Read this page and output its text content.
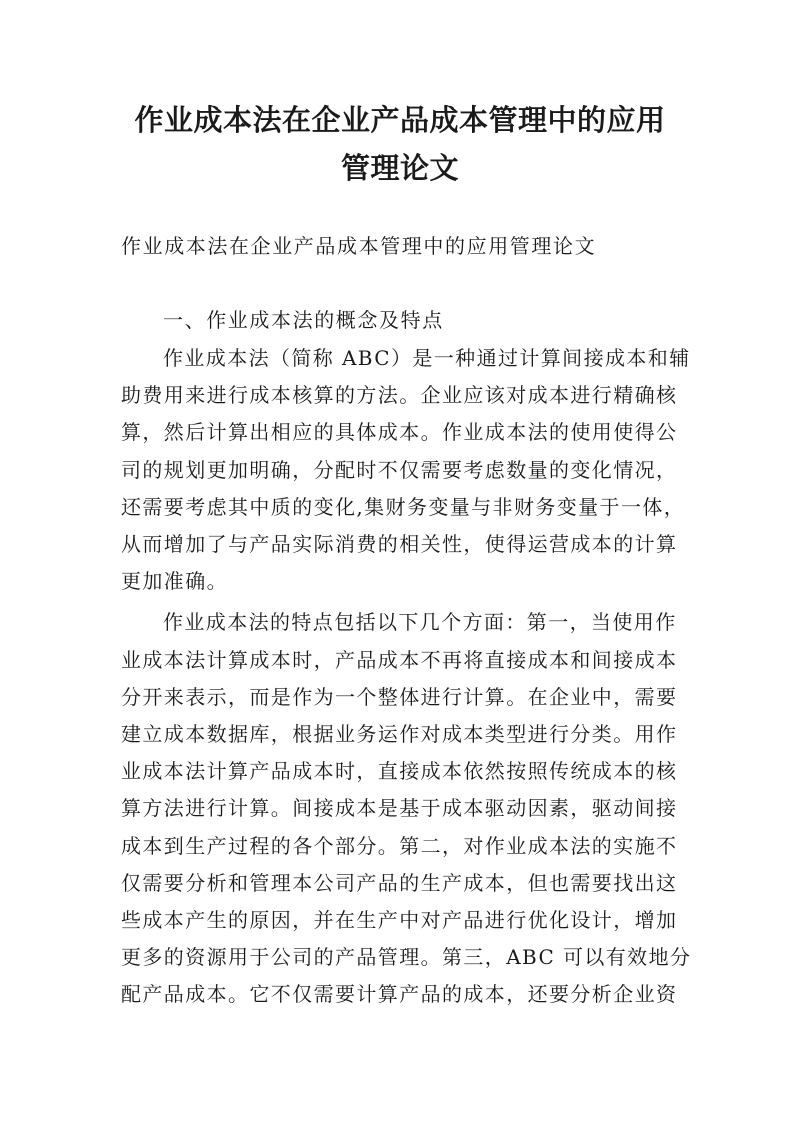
作业成本法在企业产品成本管理中的应用
管理论文

作业成本法在企业产品成本管理中的应用管理论文

一、作业成本法的概念及特点

作业成本法（简称 ABC）是一种通过计算间接成本和辅
助费用来进行成本核算的方法。企业应该对成本进行精确核
算，然后计算出相应的具体成本。作业成本法的使用使得公
司的规划更加明确，分配时不仅需要考虑数量的变化情况，
还需要考虑其中质的变化,集财务变量与非财务变量于一体，
从而增加了与产品实际消费的相关性，使得运营成本的计算
更加准确。

作业成本法的特点包括以下几个方面：第一，当使用作
业成本法计算成本时，产品成本不再将直接成本和间接成本
分开来表示，而是作为一个整体进行计算。在企业中，需要
建立成本数据库，根据业务运作对成本类型进行分类。用作
业成本法计算产品成本时，直接成本依然按照传统成本的核
算方法进行计算。间接成本是基于成本驱动因素，驱动间接
成本到生产过程的各个部分。第二，对作业成本法的实施不
仅需要分析和管理本公司产品的生产成本，但也需要找出这
些成本产生的原因，并在生产中对产品进行优化设计，增加
更多的资源用于公司的产品管理。第三，ABC 可以有效地分
配产品成本。它不仅需要计算产品的成本，还要分析企业资
